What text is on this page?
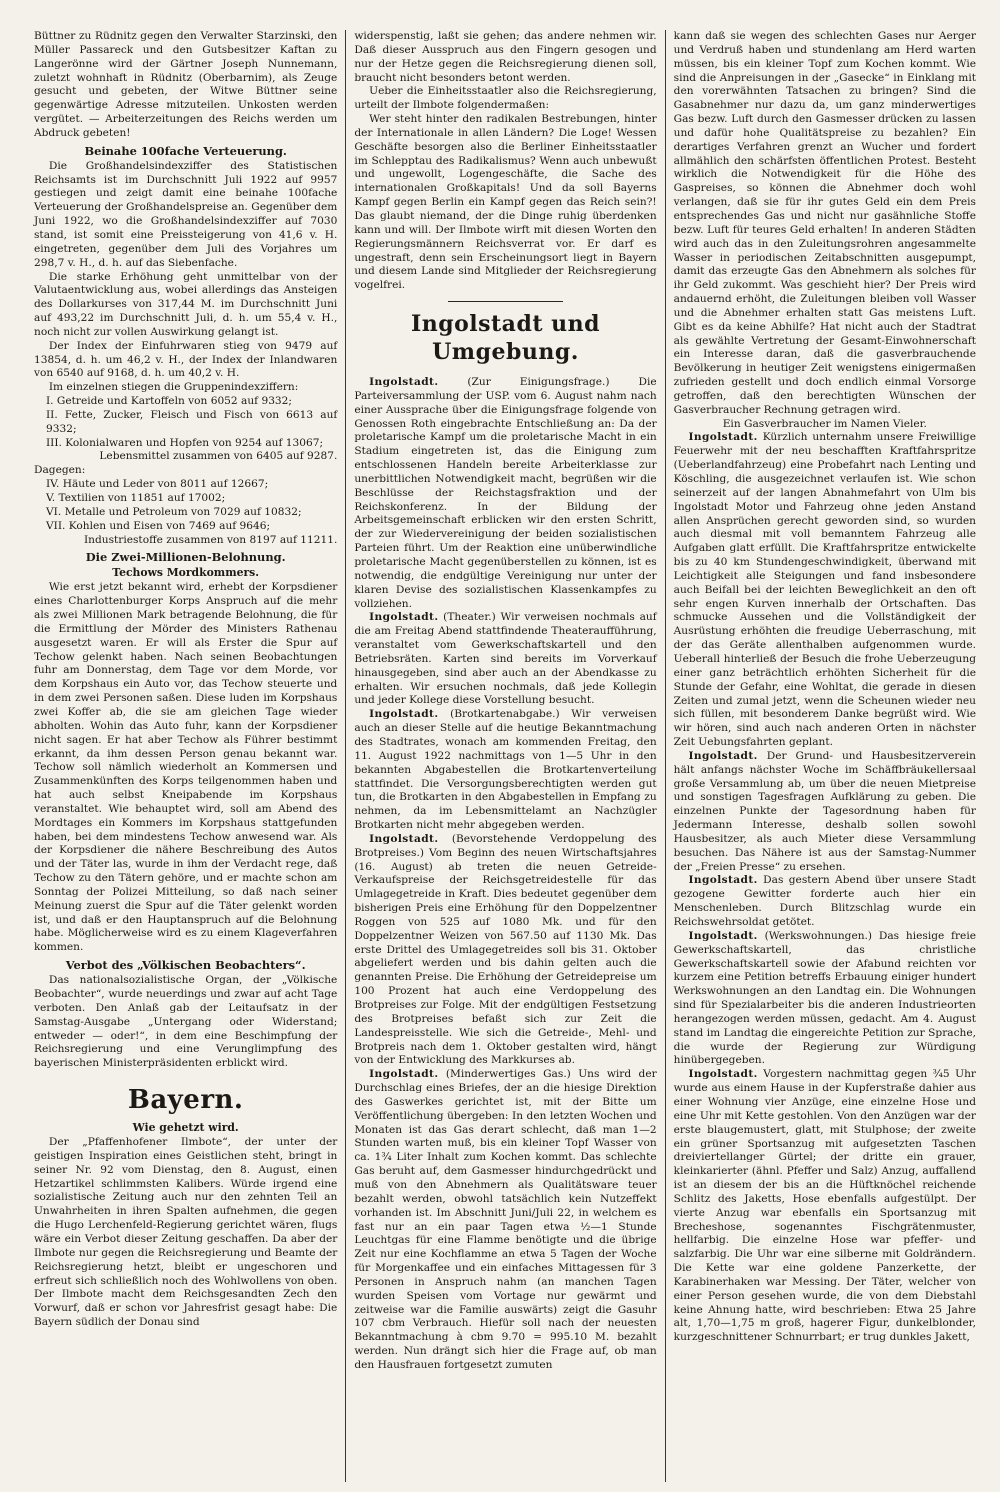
Büttner zu Rüdnitz gegen den Verwalter Starzinski, den Müller Passareck und den Gutsbesitzer Kaftan zu Langerönne wird der Gärtner Joseph Nunnemann, zuletzt wohnhaft in Rüdnitz (Oberbarnim), als Zeuge gesucht und gebeten, der Witwe Büttner seine gegenwärtige Adresse mitzuteilen. Unkosten werden vergütet. — Arbeiterzeitungen des Reichs werden um Abdruck gebeten!

Beinahe 100fache Verteuerung.

Die Großhandelsindexziffer des Statistischen Reichsamts ist im Durchschnitt Juli 1922 auf 9957 gestiegen und zeigt damit eine beinahe 100fache Verteuerung der Großhandelspreise an. Gegenüber dem Juni 1922, wo die Großhandelsindexziffer auf 7030 stand, ist somit eine Preissteigerung von 41,6 v. H. eingetreten, gegenüber dem Juli des Vorjahres um 298,7 v. H., d. h. auf das Siebenfache.

Die starke Erhöhung geht unmittelbar von der Valutaentwicklung aus, wobei allerdings das Ansteigen des Dollarkurses von 317,44 M. im Durchschnitt Juni auf 493,22 im Durchschnitt Juli, d. h. um 55,4 v. H., noch nicht zur vollen Auswirkung gelangt ist.

Der Index der Einfuhrwaren stieg von 9479 auf 13854, d. h. um 46,2 v. H., der Index der Inlandwaren von 6540 auf 9168, d. h. um 40,2 v. H.

Im einzelnen stiegen die Gruppenindexziffern:

I. Getreide und Kartoffeln von 6052 auf 9332;

II. Fette, Zucker, Fleisch und Fisch von 6613 auf 9332;

III. Kolonialwaren und Hopfen von 9254 auf 13067;

Lebensmittel zusammen von 6405 auf 9287.

Dagegen:

IV. Häute und Leder von 8011 auf 12667;

V. Textilien von 11851 auf 17002;

VI. Metalle und Petroleum von 7029 auf 10832;

VII. Kohlen und Eisen von 7469 auf 9646;

Industriestoffe zusammen von 8197 auf 11211.

Die Zwei-Millionen-Belohnung.
Techows Mordkommers.

Wie erst jetzt bekannt wird, erhebt der Korpsdiener eines Charlottenburger Korps Anspruch auf die mehr als zwei Millionen Mark betragende Belohnung, die für die Ermittlung der Mörder des Ministers Rathenau ausgesetzt waren. Er will als Erster die Spur auf Techow gelenkt haben. Nach seinen Beobachtungen fuhr am Donnerstag, dem Tage vor dem Morde, vor dem Korpshaus ein Auto vor, das Techow steuerte und in dem zwei Personen saßen. Diese luden im Korpshaus zwei Koffer ab, die sie am gleichen Tage wieder abholten. Wohin das Auto fuhr, kann der Korpsdiener nicht sagen. Er hat aber Techow als Führer bestimmt erkannt, da ihm dessen Person genau bekannt war. Techow soll nämlich wiederholt an Kommersen und Zusammenkünften des Korps teilgenommen haben und hat auch selbst Kneipabende im Korpshaus veranstaltet. Wie behauptet wird, soll am Abend des Mordtages ein Kommers im Korpshaus stattgefunden haben, bei dem mindestens Techow anwesend war. Als der Korpsdiener die nähere Beschreibung des Autos und der Täter las, wurde in ihm der Verdacht rege, daß Techow zu den Tätern gehöre, und er machte schon am Sonntag der Polizei Mitteilung, so daß nach seiner Meinung zuerst die Spur auf die Täter gelenkt worden ist, und daß er den Hauptanspruch auf die Belohnung habe. Möglicherweise wird es zu einem Klageverfahren kommen.

Verbot des „Völkischen Beobachters“.

Das nationalsozialistische Organ, der „Völkische Beobachter“, wurde neuerdings und zwar auf acht Tage verboten. Den Anlaß gab der Leitaufsatz in der Samstag-Ausgabe „Untergang oder Widerstand; entweder — oder!“, in dem eine Beschimpfung der Reichsregierung und eine Verunglimpfung des bayerischen Ministerpräsidenten erblickt wird.

Bayern.
Wie gehetzt wird.

Der „Pfaffenhofener Ilmbote“, der unter der geistigen Inspiration eines Geistlichen steht, bringt in seiner Nr. 92 vom Dienstag, den 8. August, einen Hetzartikel schlimmsten Kalibers. Würde irgend eine sozialistische Zeitung auch nur den zehnten Teil an Unwahrheiten in ihren Spalten aufnehmen, die gegen die Hugo Lerchenfeld-Regierung gerichtet wären, flugs wäre ein Verbot dieser Zeitung geschaffen. Da aber der Ilmbote nur gegen die Reichsregierung und Beamte der Reichsregierung hetzt, bleibt er ungeschoren und erfreut sich schließlich noch des Wohlwollens von oben. Der Ilmbote macht dem Reichsgesandten Zech den Vorwurf, daß er schon vor Jahresfrist gesagt habe: Die Bayern südlich der Donau sind

widerspenstig, laßt sie gehen; das andere nehmen wir. Daß dieser Ausspruch aus den Fingern gesogen und nur der Hetze gegen die Reichsregierung dienen soll, braucht nicht besonders betont werden.

Ueber die Einheitsstaatler also die Reichsregierung, urteilt der Ilmbote folgendermaßen:

Wer steht hinter den radikalen Bestrebungen, hinter der Internationale in allen Ländern? Die Loge! Wessen Geschäfte besorgen also die Berliner Einheitsstaatler im Schlepptau des Radikalismus? Wenn auch unbewußt und ungewollt, Logengeschäfte, die Sache des internationalen Großkapitals! Und da soll Bayerns Kampf gegen Berlin ein Kampf gegen das Reich sein?! Das glaubt niemand, der die Dinge ruhig überdenken kann und will. Der Ilmbote wirft mit diesen Worten den Regierungsmännern Reichsverrat vor. Er darf es ungestraft, denn sein Erscheinungsort liegt in Bayern und diesem Lande sind Mitglieder der Reichsregierung vogelfrei.

Ingolstadt und Umgebung.

Ingolstadt. (Zur Einigungsfrage.) Die Parteiversammlung der USP. vom 6. August nahm nach einer Aussprache über die Einigungsfrage folgende von Genossen Roth eingebrachte Entschließung an: Da der proletarische Kampf um die proletarische Macht in ein Stadium eingetreten ist, das die Einigung zum entschlossenen Handeln bereite Arbeiterklasse zur unerbittlichen Notwendigkeit macht, begrüßen wir die Beschlüsse der Reichstagsfraktion und der Reichskonferenz. In der Bildung der Arbeitsgemeinschaft erblicken wir den ersten Schritt, der zur Wiedervereinigung der beiden sozialistischen Parteien führt. Um der Reaktion eine unüberwindliche proletarische Macht gegenüberstellen zu können, ist es notwendig, die endgültige Vereinigung nur unter der klaren Devise des sozialistischen Klassenkampfes zu vollziehen.

Ingolstadt. (Theater.) Wir verweisen nochmals auf die am Freitag Abend stattfindende Theateraufführung, veranstaltet vom Gewerkschaftskartell und den Betriebsräten. Karten sind bereits im Vorverkauf hinausgegeben, sind aber auch an der Abendkasse zu erhalten. Wir ersuchen nochmals, daß jede Kollegin und jeder Kollege diese Vorstellung besucht.

Ingolstadt. (Brotkartenabgabe.) Wir verweisen auch an dieser Stelle auf die heutige Bekanntmachung des Stadtrates, wonach am kommenden Freitag, den 11. August 1922 nachmittags von 1—5 Uhr in den bekannten Abgabestellen die Brotkartenverteilung stattfindet. Die Versorgungsberechtigten werden gut tun, die Brotkarten in den Abgabestellen in Empfang zu nehmen, da im Lebensmittelamt an Nachzügler Brotkarten nicht mehr abgegeben werden.

Ingolstadt. (Bevorstehende Verdoppelung des Brotpreises.) Vom Beginn des neuen Wirtschaftsjahres (16. August) ab treten die neuen Getreide-Verkaufspreise der Reichsgetreidestelle für das Umlagegetreide in Kraft. Dies bedeutet gegenüber dem bisherigen Preis eine Erhöhung für den Doppelzentner Roggen von 525 auf 1080 Mk. und für den Doppelzentner Weizen von 567.50 auf 1130 Mk. Das erste Drittel des Umlagegetreides soll bis 31. Oktober abgeliefert werden und bis dahin gelten auch die genannten Preise. Die Erhöhung der Getreidepreise um 100 Prozent hat auch eine Verdoppelung des Brotpreises zur Folge. Mit der endgültigen Festsetzung des Brotpreises befaßt sich zur Zeit die Landespreisstelle. Wie sich die Getreide-, Mehl- und Brotpreis nach dem 1. Oktober gestalten wird, hängt von der Entwicklung des Markkurses ab.

Ingolstadt. (Minderwertiges Gas.) Uns wird der Durchschlag eines Briefes, der an die hiesige Direktion des Gaswerkes gerichtet ist, mit der Bitte um Veröffentlichung übergeben: In den letzten Wochen und Monaten ist das Gas derart schlecht, daß man 1—2 Stunden warten muß, bis ein kleiner Topf Wasser von ca. 1¾ Liter Inhalt zum Kochen kommt. Das schlechte Gas beruht auf, dem Gasmesser hindurchgedrückt und muß von den Abnehmern als Qualitätsware teuer bezahlt werden, obwohl tatsächlich kein Nutzeffekt vorhanden ist. Im Abschnitt Juni/Juli 22, in welchem es fast nur an ein paar Tagen etwa ½—1 Stunde Leuchtgas für eine Flamme benötigte und die übrige Zeit nur eine Kochflamme an etwa 5 Tagen der Woche für Morgenkaffee und ein einfaches Mittagessen für 3 Personen in Anspruch nahm (an manchen Tagen wurden Speisen vom Vortage nur gewärmt und zeitweise war die Familie auswärts) zeigt die Gasuhr 107 cbm Verbrauch. Hiefür soll nach der neuesten Bekanntmachung à cbm 9.70 = 995.10 M. bezahlt werden. Nun drängt sich hier die Frage auf, ob man den Hausfrauen fortgesetzt zumuten

kann daß sie wegen des schlechten Gases nur Aerger und Verdruß haben und stundenlang am Herd warten müssen, bis ein kleiner Topf zum Kochen kommt. Wie sind die Anpreisungen in der „Gasecke“ in Einklang mit den vorerwähnten Tatsachen zu bringen? Sind die Gasabnehmer nur dazu da, um ganz minderwertiges Gas bezw. Luft durch den Gasmesser drücken zu lassen und dafür hohe Qualitätspreise zu bezahlen? Ein derartiges Verfahren grenzt an Wucher und fordert allmählich den schärfsten öffentlichen Protest. Besteht wirklich die Notwendigkeit für die Höhe des Gaspreises, so können die Abnehmer doch wohl verlangen, daß sie für ihr gutes Geld ein dem Preis entsprechendes Gas und nicht nur gasähnliche Stoffe bezw. Luft für teures Geld erhalten! In anderen Städten wird auch das in den Zuleitungsrohren angesammelte Wasser in periodischen Zeitabschnitten ausgepumpt, damit das erzeugte Gas den Abnehmern als solches für ihr Geld zukommt. Was geschieht hier? Der Preis wird andauernd erhöht, die Zuleitungen bleiben voll Wasser und die Abnehmer erhalten statt Gas meistens Luft. Gibt es da keine Abhilfe? Hat nicht auch der Stadtrat als gewählte Vertretung der Gesamt-Einwohnerschaft ein Interesse daran, daß die gasverbrauchende Bevölkerung in heutiger Zeit wenigstens einigermaßen zufrieden gestellt und doch endlich einmal Vorsorge getroffen, daß den berechtigten Wünschen der Gasverbraucher Rechnung getragen wird.

Ein Gasverbraucher im Namen Vieler.

Ingolstadt. Kürzlich unternahm unsere Freiwillige Feuerwehr mit der neu beschafften Kraftfahrspritze (Ueberlandfahrzeug) eine Probefahrt nach Lenting und Köschling, die ausgezeichnet verlaufen ist. Wie schon seinerzeit auf der langen Abnahmefahrt von Ulm bis Ingolstadt Motor und Fahrzeug ohne jeden Anstand allen Ansprüchen gerecht geworden sind, so wurden auch diesmal mit voll bemanntem Fahrzeug alle Aufgaben glatt erfüllt. Die Kraftfahrspritze entwickelte bis zu 40 km Stundengeschwindigkeit, überwand mit Leichtigkeit alle Steigungen und fand insbesondere auch Beifall bei der leichten Beweglichkeit an den oft sehr engen Kurven innerhalb der Ortschaften. Das schmucke Aussehen und die Vollständigkeit der Ausrüstung erhöhten die freudige Ueberraschung, mit der das Geräte allenthalben aufgenommen wurde. Ueberall hinterließ der Besuch die frohe Ueberzeugung einer ganz beträchtlich erhöhten Sicherheit für die Stunde der Gefahr, eine Wohltat, die gerade in diesen Zeiten und zumal jetzt, wenn die Scheunen wieder neu sich füllen, mit besonderem Danke begrüßt wird. Wie wir hören, sind auch nach anderen Orten in nächster Zeit Uebungsfahrten geplant.

Ingolstadt. Der Grund- und Hausbesitzerverein hält anfangs nächster Woche im Schäffbräukellersaal große Versammlung ab, um über die neuen Mietpreise und sonstigen Tagesfragen Aufklärung zu geben. Die einzelnen Punkte der Tagesordnung haben für Jedermann Interesse, deshalb sollen sowohl Hausbesitzer, als auch Mieter diese Versammlung besuchen. Das Nähere ist aus der Samstag-Nummer der „Freien Presse“ zu ersehen.

Ingolstadt. Das gestern Abend über unsere Stadt gezogene Gewitter forderte auch hier ein Menschenleben. Durch Blitzschlag wurde ein Reichswehrsoldat getötet.

Ingolstadt. (Werkswohnungen.) Das hiesige freie Gewerkschaftskartell, das christliche Gewerkschaftskartell sowie der Afabund reichten vor kurzem eine Petition betreffs Erbauung einiger hundert Werkswohnungen an den Landtag ein. Die Wohnungen sind für Spezialarbeiter bis die anderen Industrieorten herangezogen werden müssen, gedacht. Am 4. August stand im Landtag die eingereichte Petition zur Sprache, die wurde der Regierung zur Würdigung hinübergegeben.

Ingolstadt. Vorgestern nachmittag gegen ¾5 Uhr wurde aus einem Hause in der Kupferstraße dahier aus einer Wohnung vier Anzüge, eine einzelne Hose und eine Uhr mit Kette gestohlen. Von den Anzügen war der erste blaugemustert, glatt, mit Stulphose; der zweite ein grüner Sportsanzug mit aufgesetzten Taschen dreiviertellanger Gürtel; der dritte ein grauer, kleinkarierter (ähnl. Pfeffer und Salz) Anzug, auffallend ist an diesem der bis an die Hüftknöchel reichende Schlitz des Jaketts, Hose ebenfalls aufgestülpt. Der vierte Anzug war ebenfalls ein Sportsanzug mit Brecheshose, sogenanntes Fischgrätenmuster, hellfarbig. Die einzelne Hose war pfeffer- und salzfarbig. Die Uhr war eine silberne mit Goldrändern. Die Kette war eine goldene Panzerkette, der Karabinerhaken war Messing. Der Täter, welcher von einer Person gesehen wurde, die von dem Diebstahl keine Ahnung hatte, wird beschrieben: Etwa 25 Jahre alt, 1,70—1,75 m groß, hagerer Figur, dunkelblonder, kurzgeschnittener Schnurrbart; er trug dunkles Jakett,
